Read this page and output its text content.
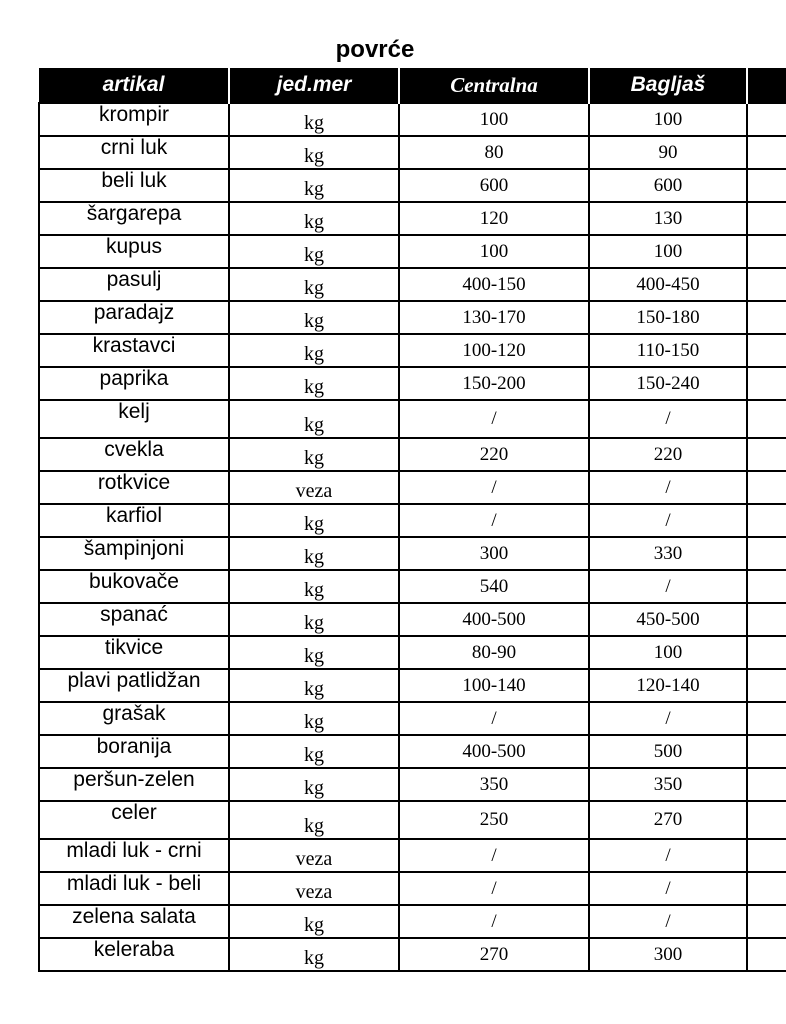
povrće
artikal	jed.mer	Centralna	Bagljaš	
krompir	kg	100	100	
crni luk	kg	80	90	
beli luk	kg	600	600	
šargarepa	kg	120	130	
kupus	kg	100	100	
pasulj	kg	400-150	400-450	
paradajz	kg	130-170	150-180	
krastavci	kg	100-120	110-150	
paprika	kg	150-200	150-240	
kelj	kg	/	/	
cvekla	kg	220	220	
rotkvice	veza	/	/	
karfiol	kg	/	/	
šampinjoni	kg	300	330	
bukovače	kg	540	/	
spanać	kg	400-500	450-500	
tikvice	kg	80-90	100	
plavi patlidžan	kg	100-140	120-140	
grašak	kg	/	/	
boranija	kg	400-500	500	
peršun-zelen	kg	350	350	
celer	kg	250	270	
mladi luk - crni	veza	/	/	
mladi luk - beli	veza	/	/	
zelena salata	kg	/	/	
keleraba	kg	270	300	
